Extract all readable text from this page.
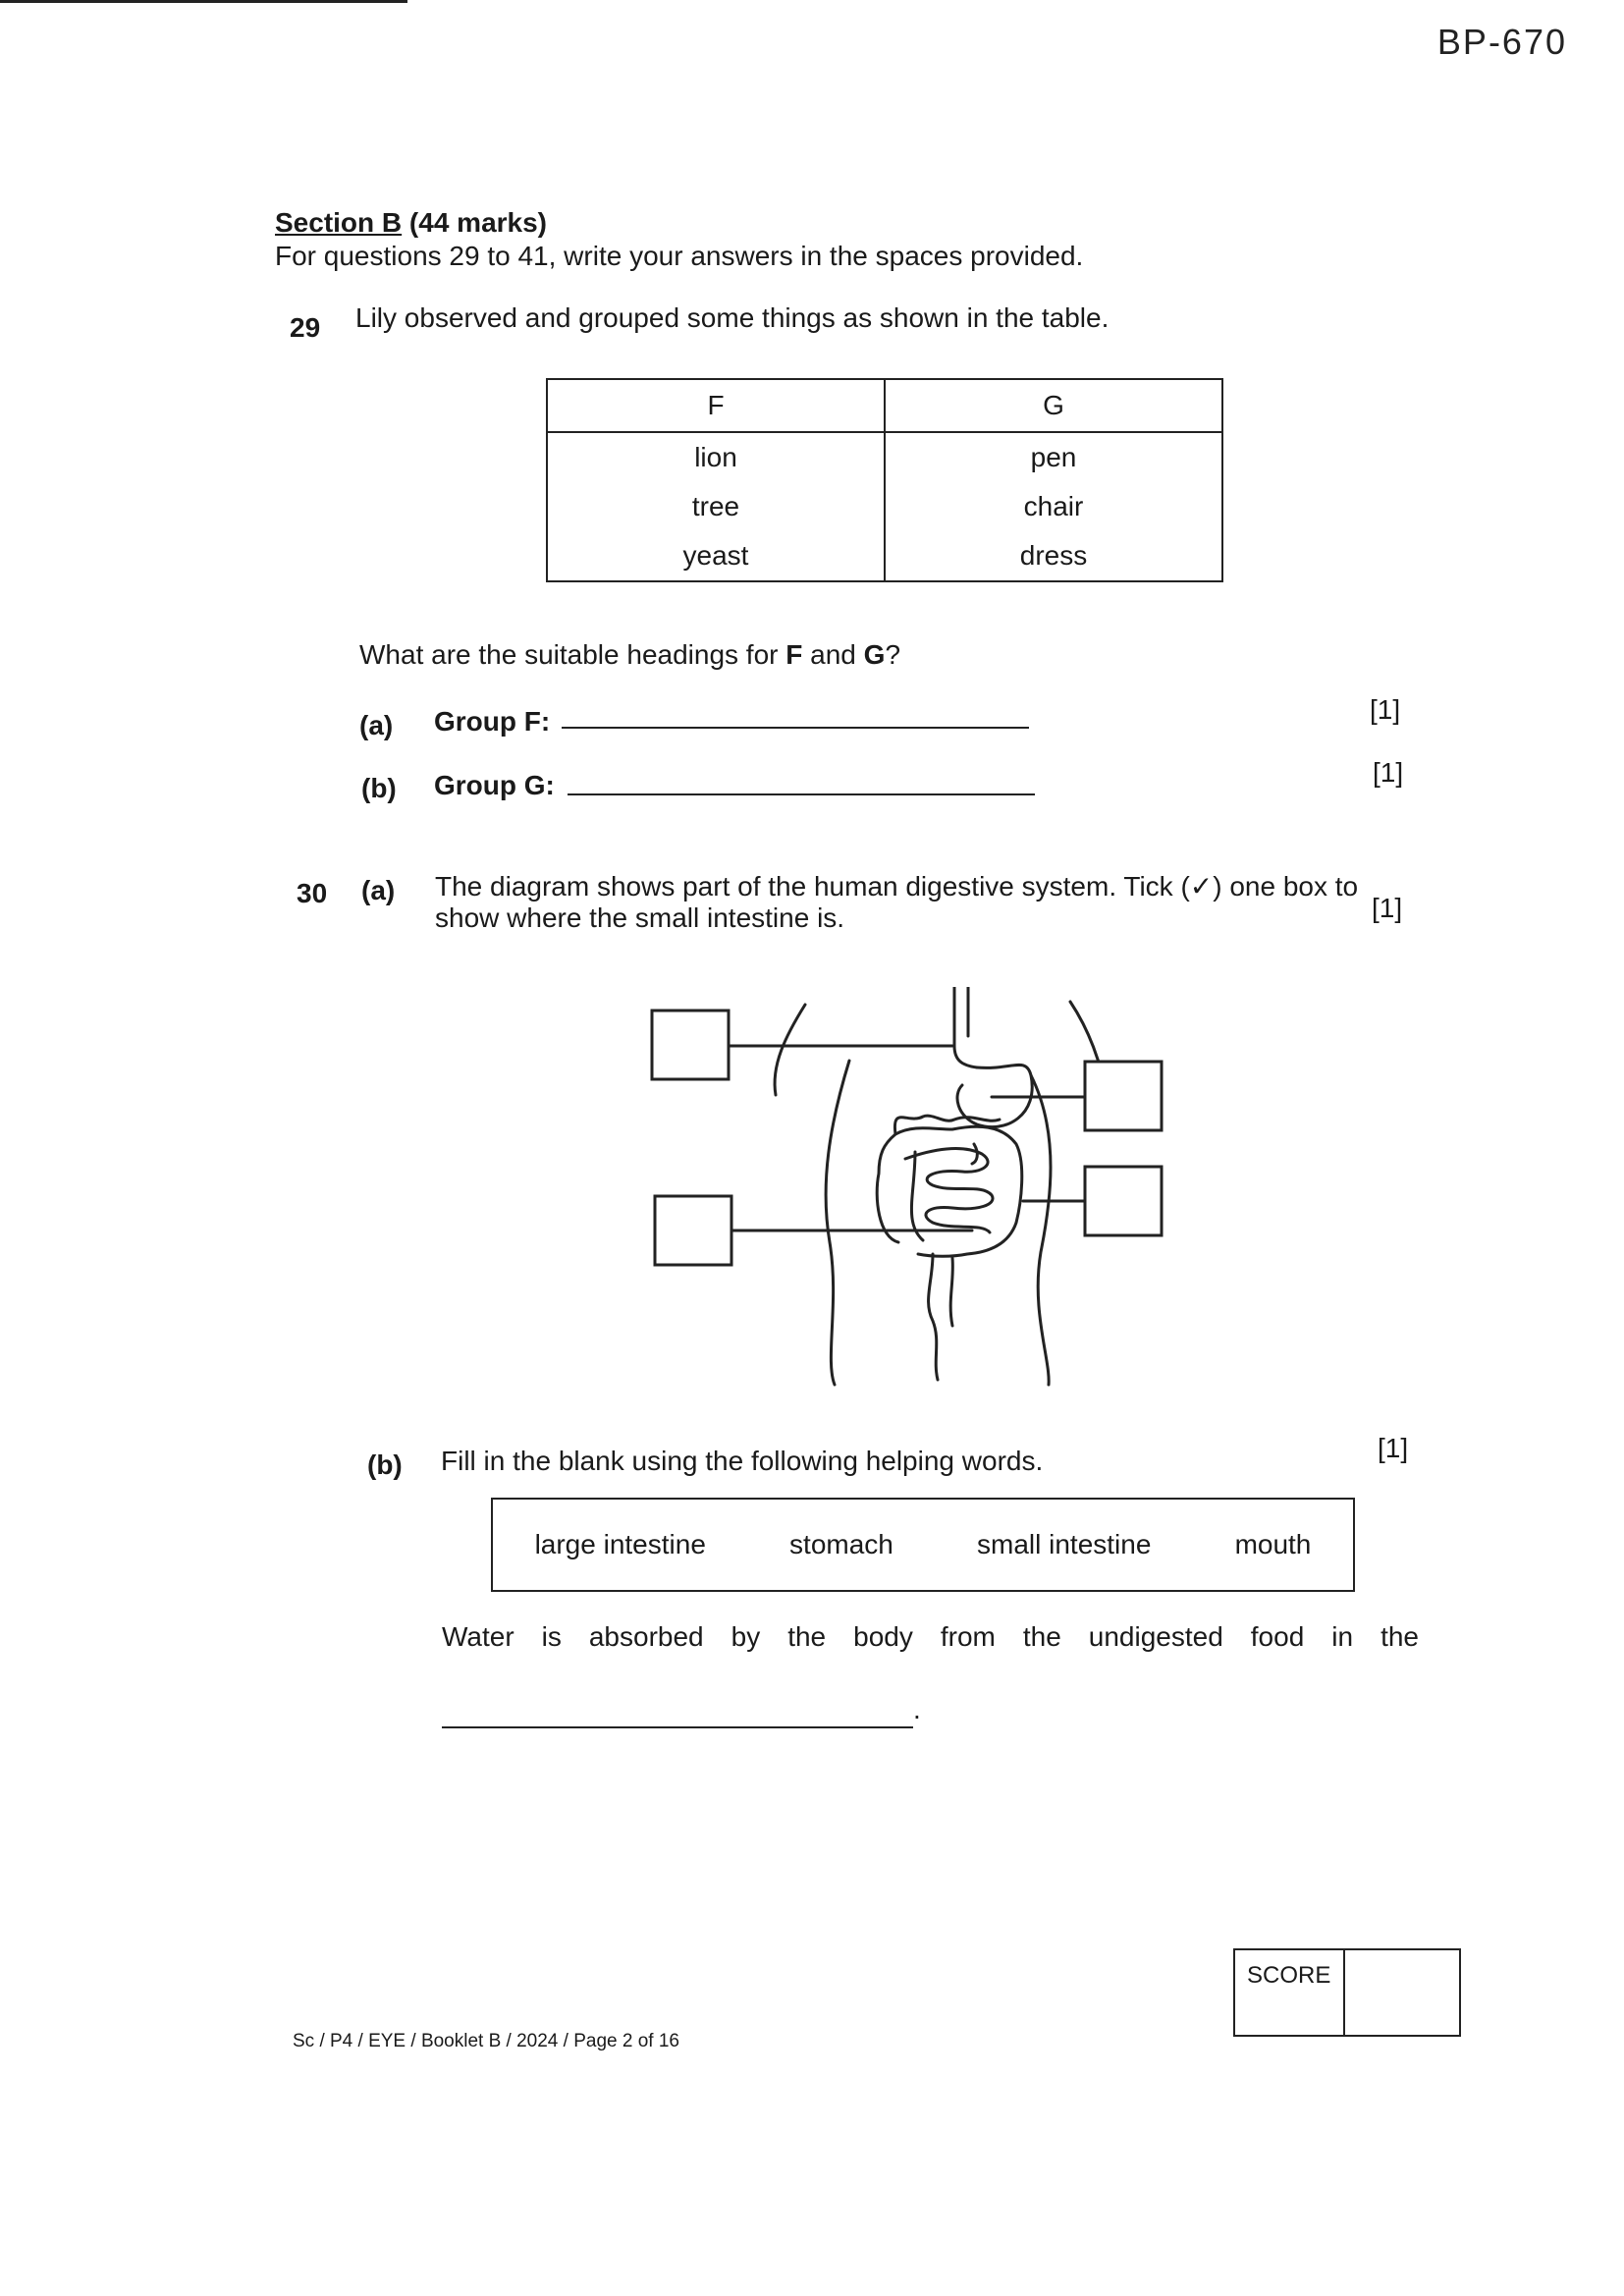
BP-670
Section B (44 marks)
For questions 29 to 41, write your answers in the spaces provided.
29 Lily observed and grouped some things as shown in the table.
F	G
lion	pen
tree	chair
yeast	dress
What are the suitable headings for F and G?
(a) Group F:	[1]
(b) Group G:	[1]
30 (a) The diagram shows part of the human digestive system. Tick (✓) one box to
show where the small intestine is.	[1]
(b) Fill in the blank using the following helping words.	[1]
large intestine	stomach	small intestine	mouth
Water is absorbed by the body from the undigested food in the
.
SCORE
Sc / P4 / EYE / Booklet B / 2024 / Page 2 of 16
